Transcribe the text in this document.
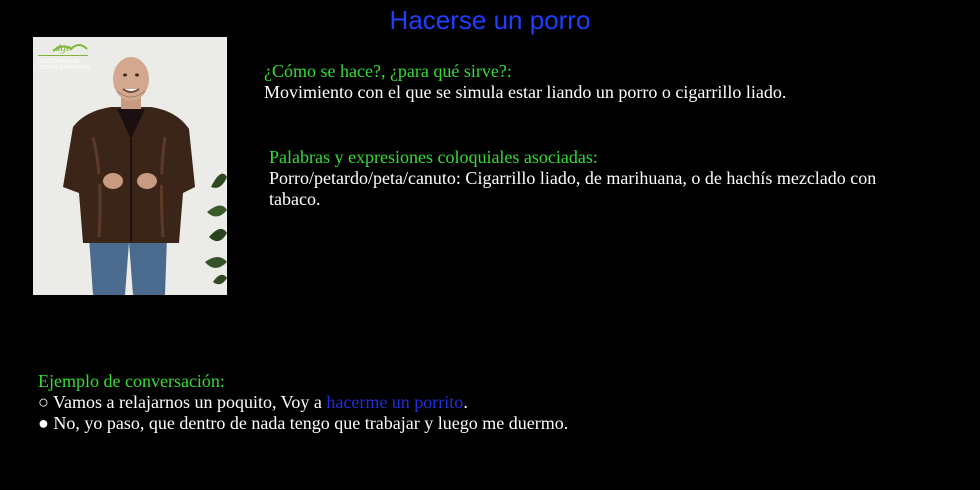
Hacerse un porro
dge
DICCIONARIO DE
GESTOS ESPAÑOLES	¿Cómo se hace?, ¿para qué sirve?:
Movimiento con el que se simula estar liando un porro o cigarrillo liado.
Palabras y expresiones coloquiales asociadas:
Porro/petardo/peta/canuto: Cigarrillo liado, de marihuana, o de hachís mezclado con tabaco.
Ejemplo de conversación:
○ Vamos a relajarnos un poquito, Voy a hacerme un porrito.
● No, yo paso, que dentro de nada tengo que trabajar y luego me duermo.
